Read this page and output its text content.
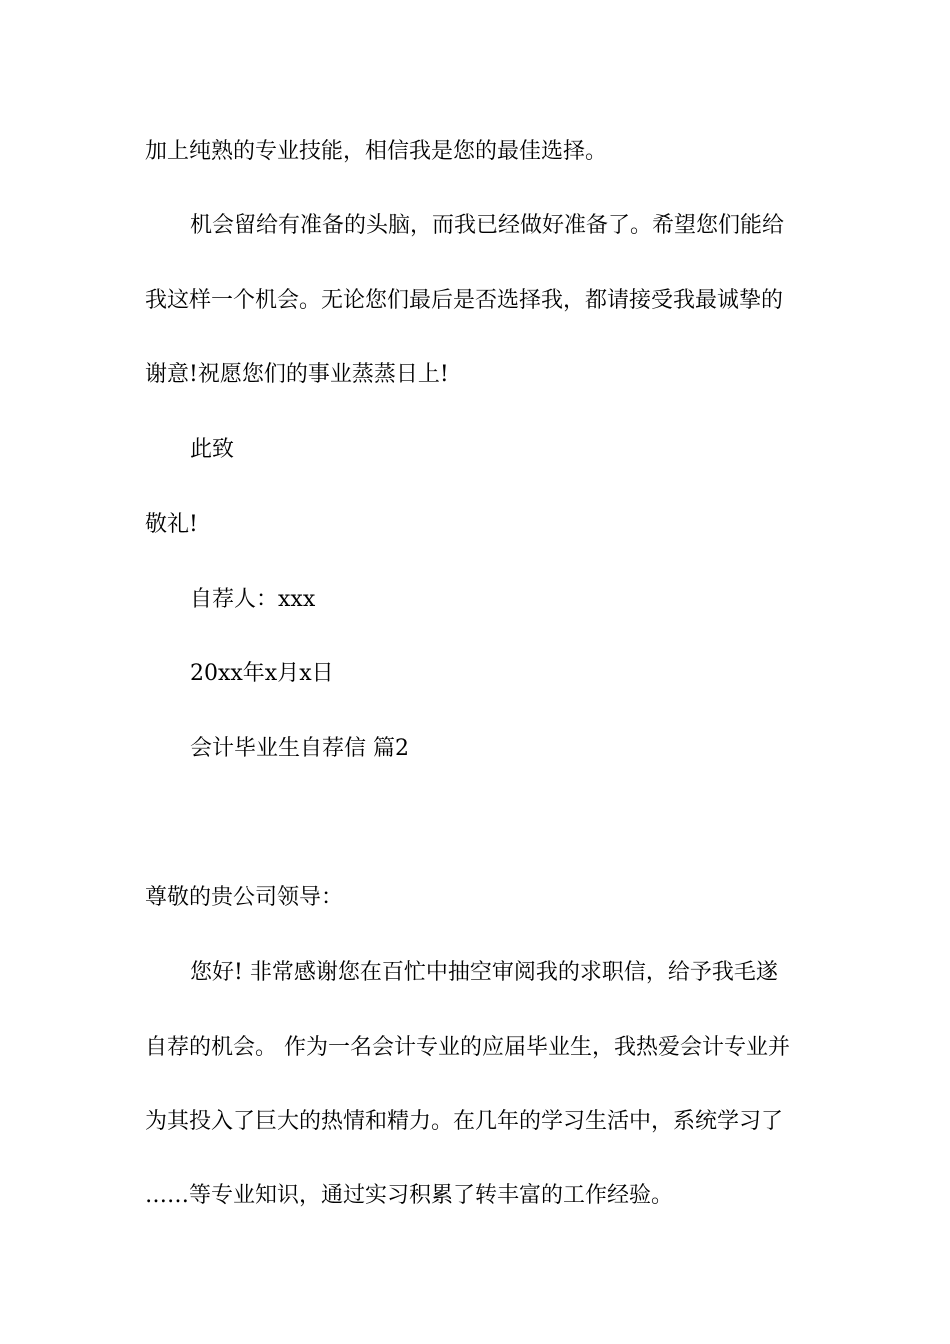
加上纯熟的专业技能，相信我是您的最佳选择。
机会留给有准备的头脑，而我已经做好准备了。希望您们能给
我这样一个机会。无论您们最后是否选择我，都请接受我最诚挚的
谢意!祝愿您们的事业蒸蒸日上!
此致
敬礼!
自荐人：xxx
20xx年x月x日
会计毕业生自荐信 篇2
尊敬的贵公司领导：
您好! 非常感谢您在百忙中抽空审阅我的求职信，给予我毛遂
自荐的机会。 作为一名会计专业的应届毕业生，我热爱会计专业并
为其投入了巨大的热情和精力。在几年的学习生活中，系统学习了
……等专业知识，通过实习积累了转丰富的工作经验。
